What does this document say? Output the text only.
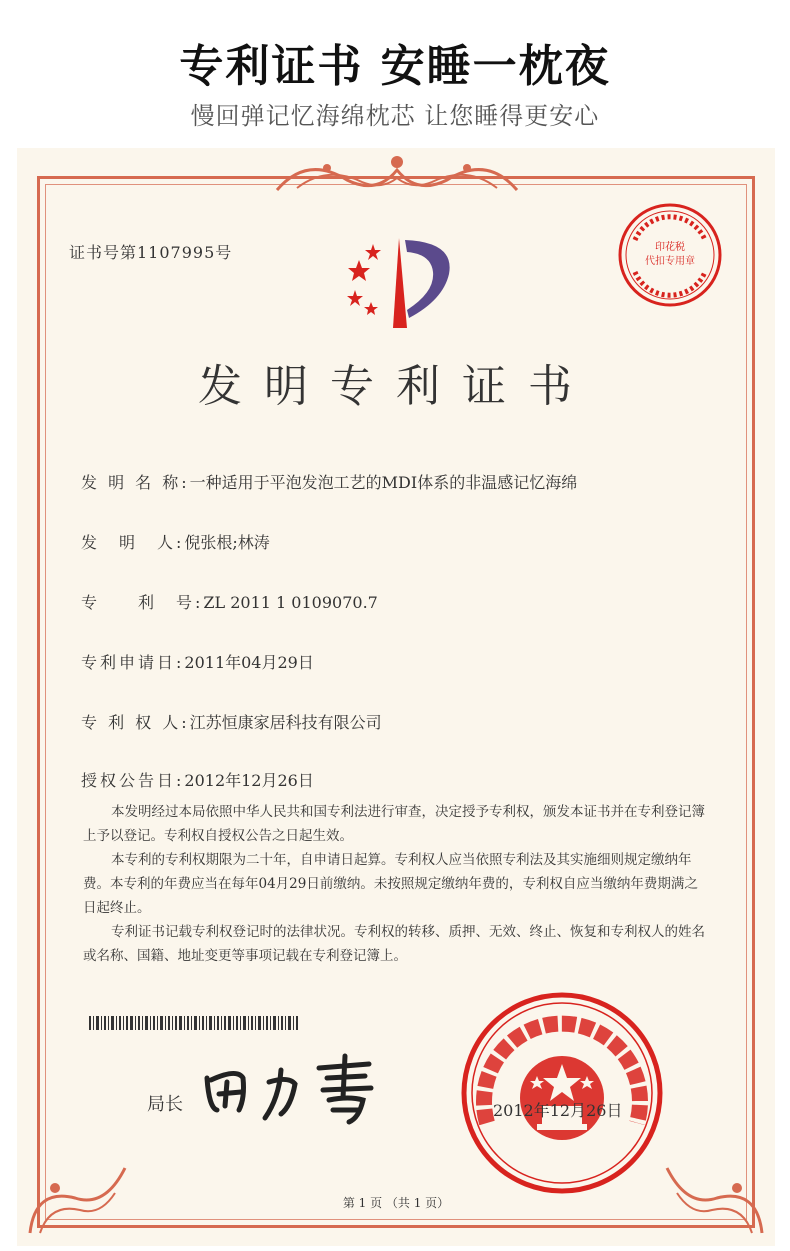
专利证书 安睡一枕夜
慢回弹记忆海绵枕芯 让您睡得更安心
证书号第1107995号	印花税
代扣专用章
发明专利证书
发 明 名 称:一种适用于平泡发泡工艺的MDI体系的非温感记忆海绵
发　明　人:倪张根;林涛
专　　利　号:ZL 2011 1 0109070.7
专利申请日:2011年04月29日
专 利 权 人:江苏恒康家居科技有限公司
授权公告日:2012年12月26日

本发明经过本局依照中华人民共和国专利法进行审查，决定授予专利权，颁发本证书并在专利登记簿上予以登记。专利权自授权公告之日起生效。

本专利的专利权期限为二十年，自申请日起算。专利权人应当依照专利法及其实施细则规定缴纳年费。本专利的年费应当在每年04月29日前缴纳。未按照规定缴纳年费的，专利权自应当缴纳年费期满之日起终止。

专利证书记载专利权登记时的法律状况。专利权的转移、质押、无效、终止、恢复和专利权人的姓名或名称、国籍、地址变更等事项记载在专利登记簿上。

局长	2012年12月26日
第 1 页 （共 1 页）
